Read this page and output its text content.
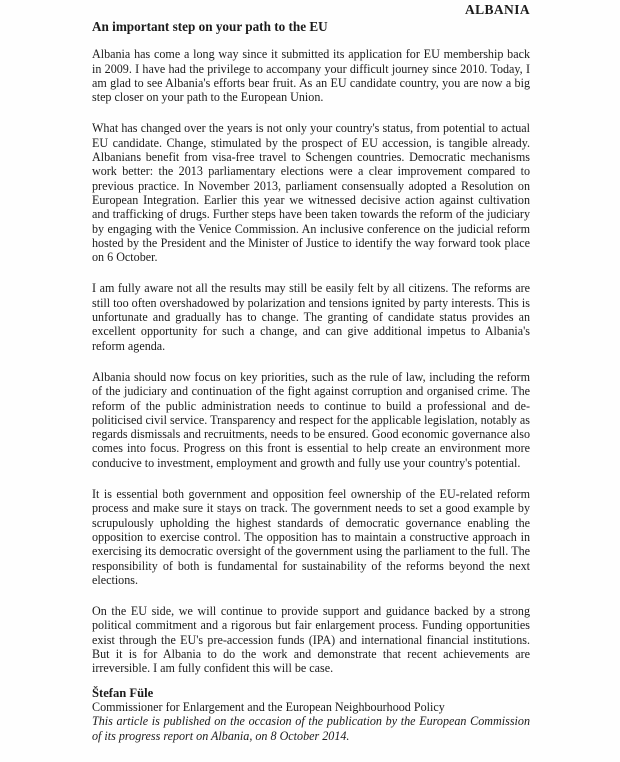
ALBANIA
An important step on your path to the EU

Albania has come a long way since it submitted its application for EU membership back in 2009. I have had the privilege to accompany your difficult journey since 2010. Today, I am glad to see Albania's efforts bear fruit. As an EU candidate country, you are now a big step closer on your path to the European Union.

What has changed over the years is not only your country's status, from potential to actual EU candidate. Change, stimulated by the prospect of EU accession, is tangible already. Albanians benefit from visa-free travel to Schengen countries. Democratic mechanisms work better: the 2013 parliamentary elections were a clear improvement compared to previous practice. In November 2013, parliament consensually adopted a Resolution on European Integration. Earlier this year we witnessed decisive action against cultivation and trafficking of drugs. Further steps have been taken towards the reform of the judiciary by engaging with the Venice Commission. An inclusive conference on the judicial reform hosted by the President and the Minister of Justice to identify the way forward took place on 6 October.

I am fully aware not all the results may still be easily felt by all citizens. The reforms are still too often overshadowed by polarization and tensions ignited by party interests. This is unfortunate and gradually has to change. The granting of candidate status provides an excellent opportunity for such a change, and can give additional impetus to Albania's reform agenda.

Albania should now focus on key priorities, such as the rule of law, including the reform of the judiciary and continuation of the fight against corruption and organised crime. The reform of the public administration needs to continue to build a professional and de-politicised civil service. Transparency and respect for the applicable legislation, notably as regards dismissals and recruitments, needs to be ensured. Good economic governance also comes into focus. Progress on this front is essential to help create an environment more conducive to investment, employment and growth and fully use your country's potential.

It is essential both government and opposition feel ownership of the EU-related reform process and make sure it stays on track. The government needs to set a good example by scrupulously upholding the highest standards of democratic governance enabling the opposition to exercise control. The opposition has to maintain a constructive approach in exercising its democratic oversight of the government using the parliament to the full. The responsibility of both is fundamental for sustainability of the reforms beyond the next elections.

On the EU side, we will continue to provide support and guidance backed by a strong political commitment and a rigorous but fair enlargement process. Funding opportunities exist through the EU's pre-accession funds (IPA) and international financial institutions. But it is for Albania to do the work and demonstrate that recent achievements are irreversible. I am fully confident this will be case.

Štefan Füle
Commissioner for Enlargement and the European Neighbourhood Policy

This article is published on the occasion of the publication by the European Commission of its progress report on Albania, on 8 October 2014.
